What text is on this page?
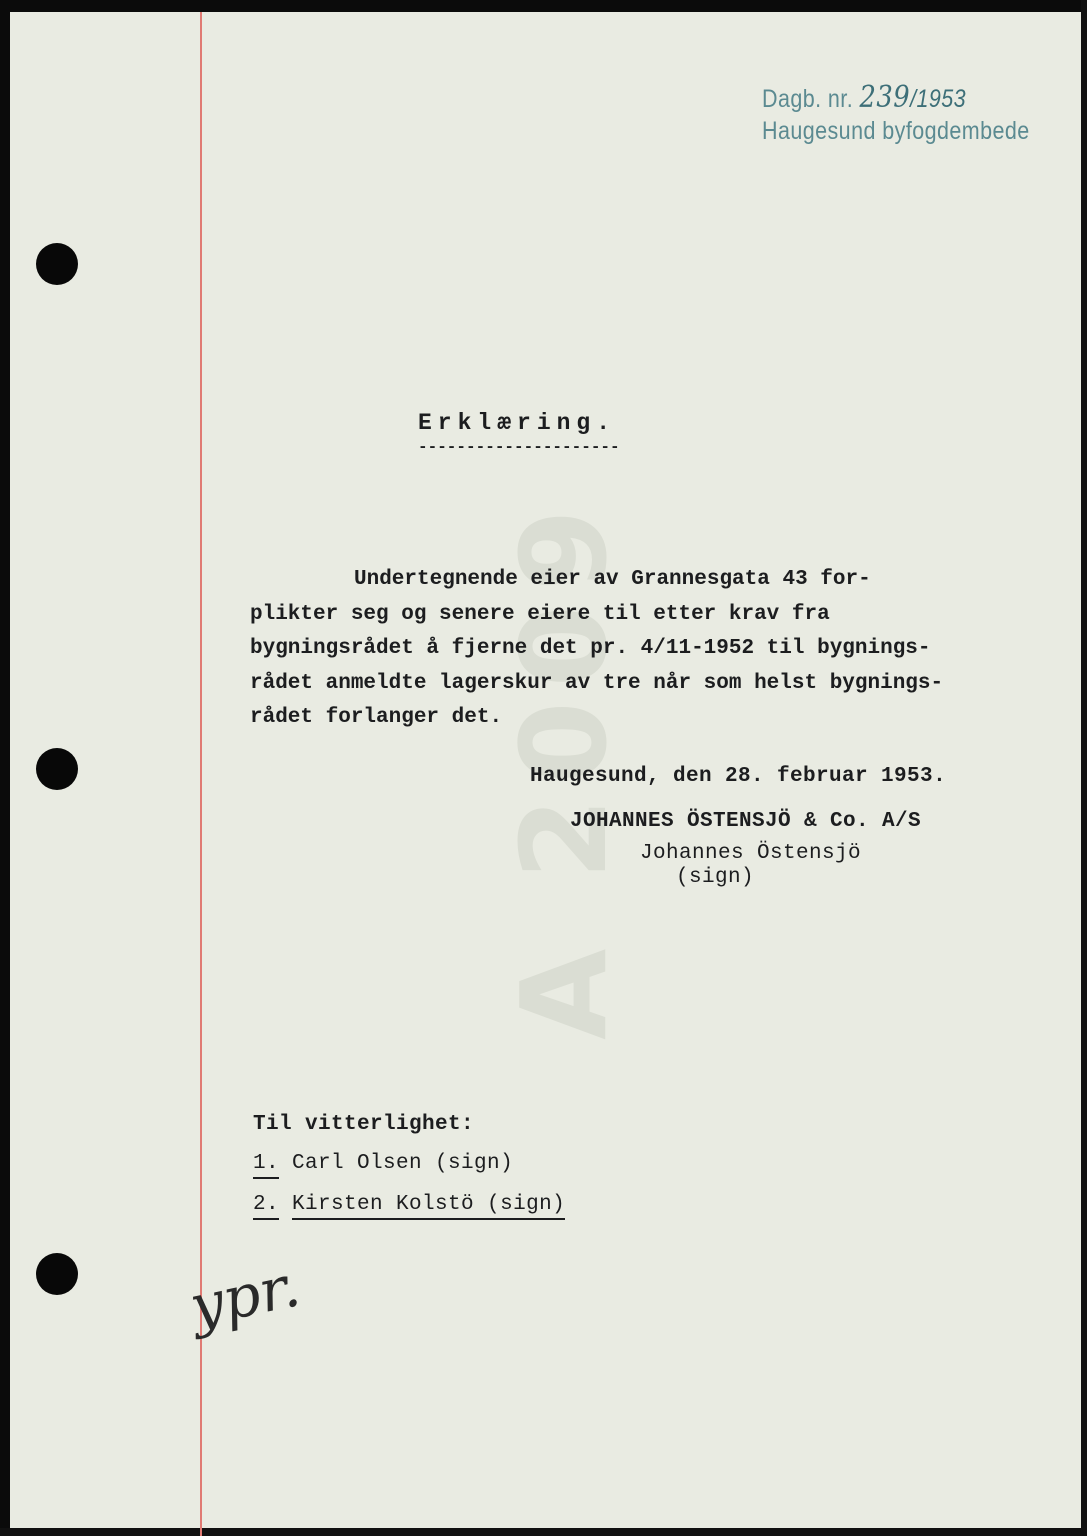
A 2009
Dagb. nr. 239/1953
Haugesund byfogdembede
Erklæring.
---------------------
Undertegnende eier av Grannesgata 43 for-
plikter seg og senere eiere til etter krav fra
bygningsrådet å fjerne det pr. 4/11-1952 til bygnings-
rådet anmeldte lagerskur av tre når som helst bygnings-
rådet forlanger det.
Haugesund, den 28. februar 1953.
JOHANNES ÖSTENSJÖ & Co. A/S
Johannes Östensjö
(sign)
Til vitterlighet:
1. Carl Olsen (sign)
2. Kirsten Kolstö (sign)
ypr.
